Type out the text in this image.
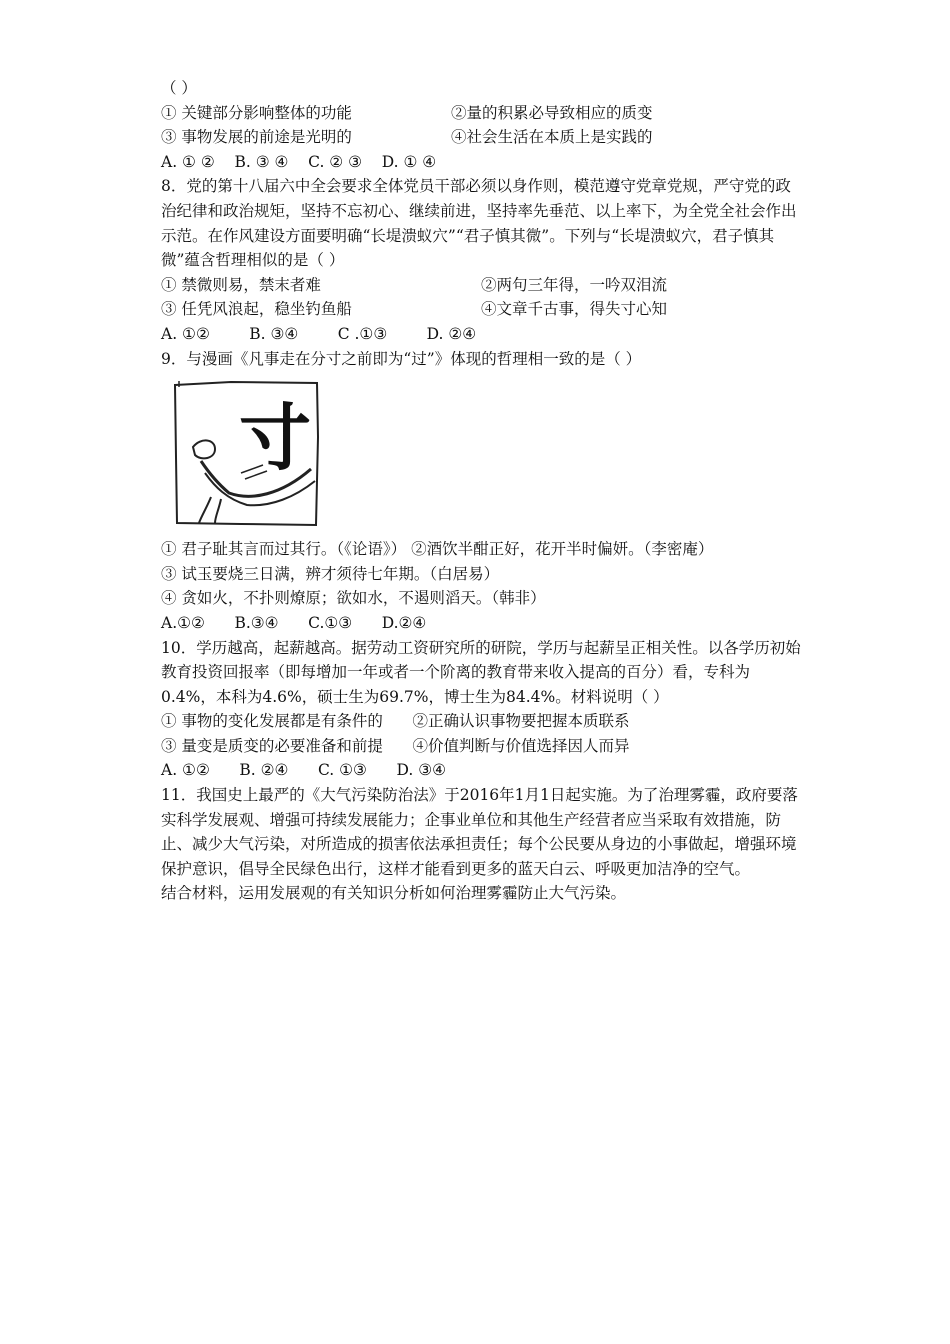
（ ）
① 关键部分影响整体的功能	②量的积累必导致相应的质变
③ 事物发展的前途是光明的	④社会生活在本质上是实践的
A. ① ②    B. ③ ④    C. ② ③    D. ① ④
8．党的第十八届六中全会要求全体党员干部必须以身作则，模范遵守党章党规，严守党的政治纪律和政治规矩，坚持不忘初心、继续前进，坚持率先垂范、以上率下，为全党全社会作出示范。在作风建设方面要明确“长堤溃蚁穴”“君子慎其微”。下列与“长堤溃蚁穴，君子慎其微”蕴含哲理相似的是（ ）
① 禁微则易，禁末者难	②两句三年得，一吟双泪流
③ 任凭风浪起，稳坐钓鱼船	④文章千古事，得失寸心知
A. ①②        B. ③④        C .①③        D. ②④
9．与漫画《凡事走在分寸之前即为“过”》体现的哲理相一致的是（ ）
寸
① 君子耻其言而过其行。（《论语》） ②酒饮半酣正好，花开半时偏妍。（李密庵）
③ 试玉要烧三日满，辨才须待七年期。（白居易）
④ 贪如火，不扑则燎原；欲如水，不遏则滔天。（韩非）
A.①②      B.③④      C.①③      D.②④
10．学历越高，起薪越高。据劳动工资研究所的研院，学历与起薪呈正相关性。以各学历初始教育投资回报率（即每增加一年或者一个阶离的教育带来收入提高的百分）看，专科为0.4%，本科为4.6%，硕士生为69.7%，博士生为84.4%。材料说明（ ）
① 事物的变化发展都是有条件的      ②正确认识事物要把握本质联系
③ 量变是质变的必要准备和前提      ④价值判断与价值选择因人而异
A. ①②      B. ②④      C. ①③      D. ③④
11．我国史上最严的《大气污染防治法》于2016年1月1日起实施。为了治理雾霾，政府要落实科学发展观、增强可持续发展能力；企事业单位和其他生产经营者应当采取有效措施，防止、减少大气污染，对所造成的损害依法承担责任；每个公民要从身边的小事做起，增强环境保护意识，倡导全民绿色出行，这样才能看到更多的蓝天白云、呼吸更加洁净的空气。
结合材料，运用发展观的有关知识分析如何治理雾霾防止大气污染。
